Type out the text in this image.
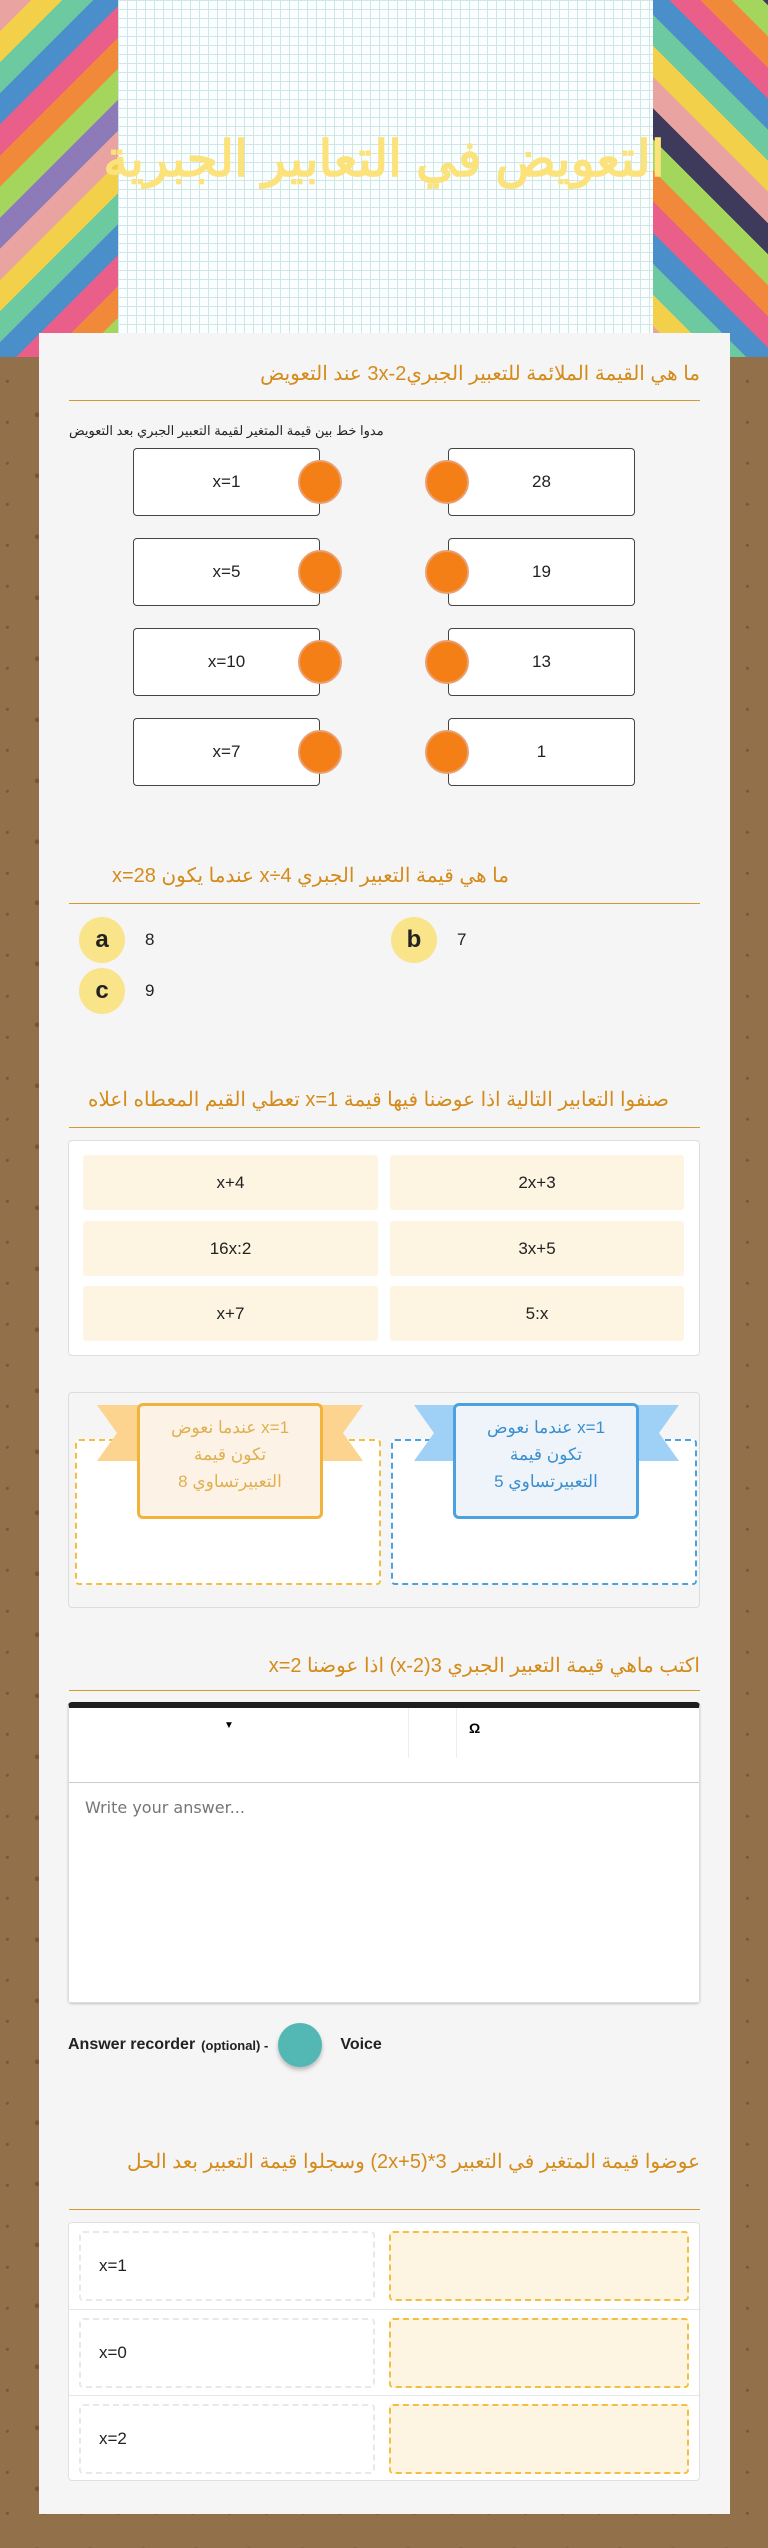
التعويض في التعابير الجبرية
ما هي القيمة الملائمة للتعبير الجبري2-3x عند التعويض
مدوا خط بين قيمة المتغير لقيمة التعبير الجبري بعد التعويض
x=1
x=5
x=10
x=7
28
19
13
1
ما هي قيمة التعبير الجبري x÷4 عندما يكون x=28
a	8	b	7
c	9
صنفوا التعابير التالية اذا عوضنا فيها قيمة x=1 تعطي القيم المعطاه اعلاه
x+4	2x+3
16x:2	3x+5
x+7	5:x
x=1 عندما نعوض
تكون قيمة
التعبيرتساوي 8
x=1 عندما نعوض
تكون قيمة
التعبيرتساوي 5
اكتب ماهي قيمة التعبير الجبري 3(2-x) اذا عوضنا x=2
▼	Ω
Write your answer...
Answer recorder (optional) -	Voice
عوضوا قيمة المتغير في التعبير 3*(2x+5) وسجلوا قيمة التعبير بعد الحل
x=1
x=0
x=2
